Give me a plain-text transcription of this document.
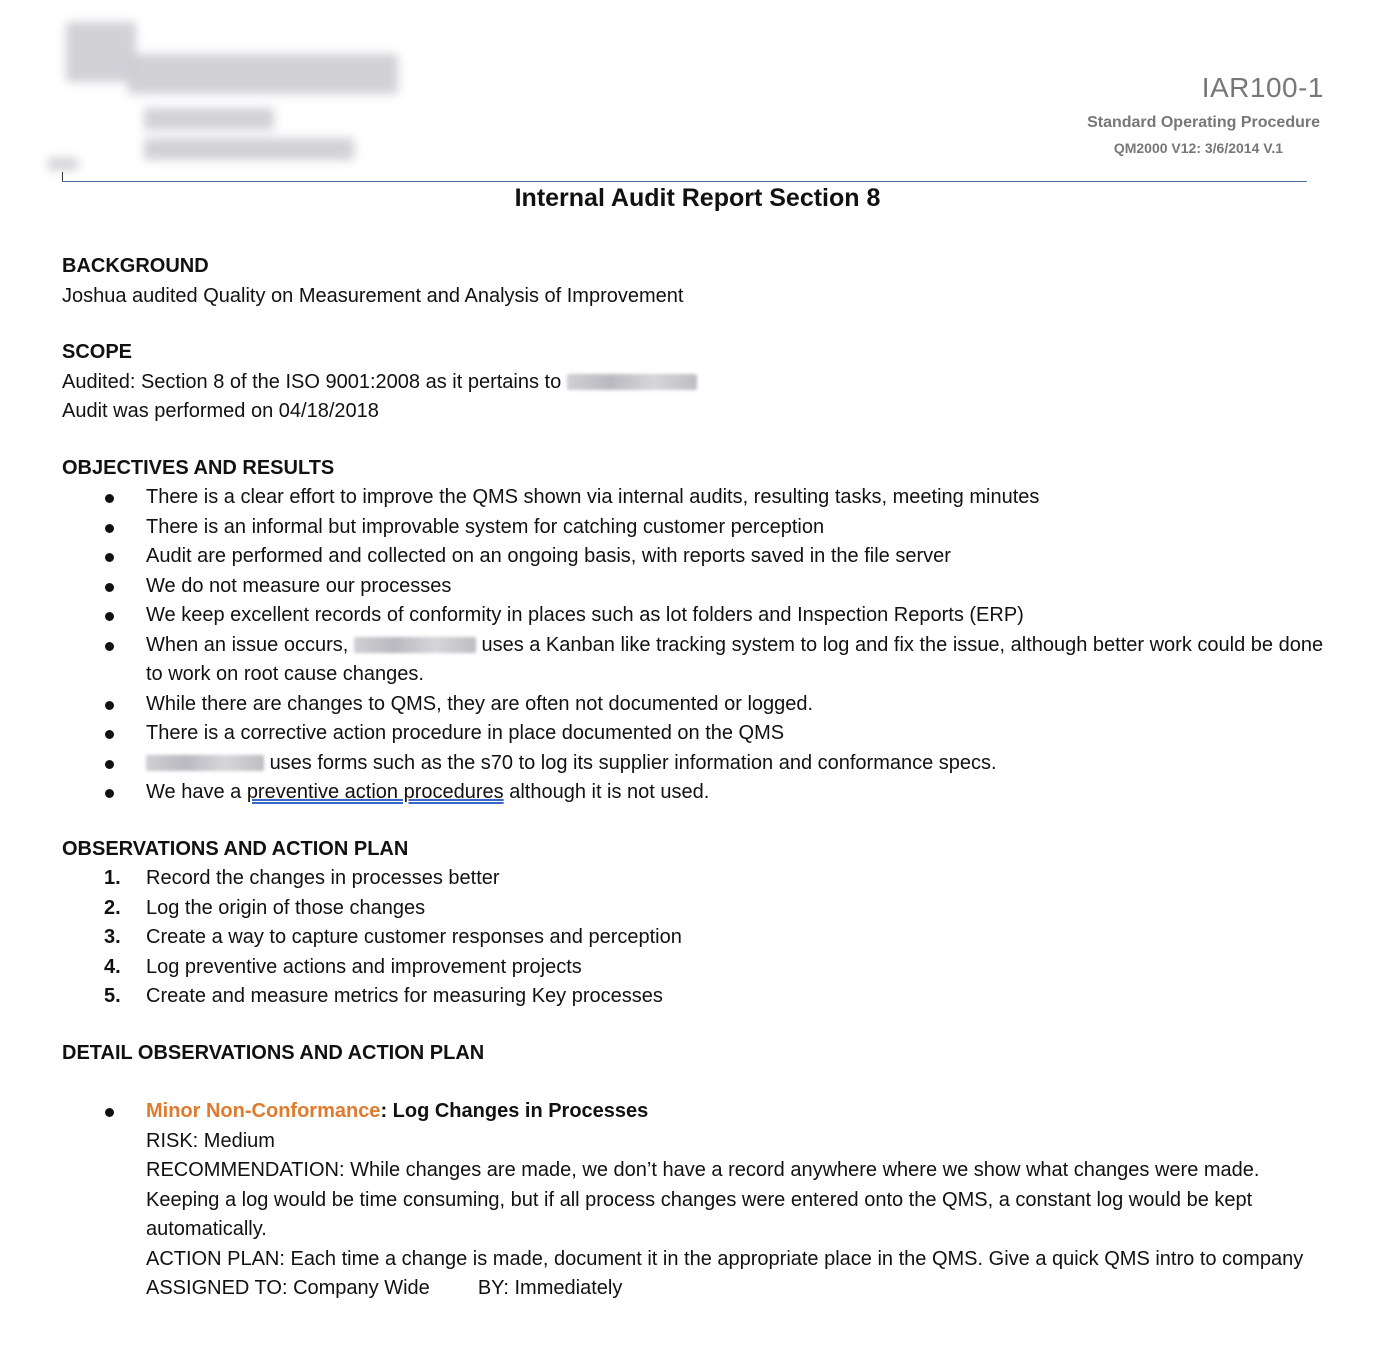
IAR100-1
Standard Operating Procedure
QM2000 V12: 3/6/2014 V.1
Internal Audit Report Section 8
BACKGROUND

Joshua audited Quality on Measurement and Analysis of Improvement

SCOPE

Audited: Section 8 of the ISO 9001:2008 as it pertains to

Audit was performed on 04/18/2018

OBJECTIVES AND RESULTS
There is a clear effort to improve the QMS shown via internal audits, resulting tasks, meeting minutes
There is an informal but improvable system for catching customer perception
Audit are performed and collected on an ongoing basis, with reports saved in the file server
We do not measure our processes
We keep excellent records of conformity in places such as lot folders and Inspection Reports (ERP)
When an issue occurs,	uses a Kanban like tracking system to log and fix the issue, although better work could be done to work on root cause changes.
While there are changes to QMS, they are often not documented or logged.
There is a corrective action procedure in place documented on the QMS
uses forms such as the s70 to log its supplier information and conformance specs.
We have a preventive action procedures although it is not used.
OBSERVATIONS AND ACTION PLAN
1. Record the changes in processes better
2. Log the origin of those changes
3. Create a way to capture customer responses and perception
4. Log preventive actions and improvement projects
5. Create and measure metrics for measuring Key processes
DETAIL OBSERVATIONS AND ACTION PLAN
Minor Non-Conformance: Log Changes in Processes
RISK: Medium
RECOMMENDATION: While changes are made, we don’t have a record anywhere where we show what changes were made. Keeping a log would be time consuming, but if all process changes were entered onto the QMS, a constant log would be kept automatically.
ACTION PLAN: Each time a change is made, document it in the appropriate place in the QMS. Give a quick QMS intro to company
ASSIGNED TO: Company Wide BY: Immediately
